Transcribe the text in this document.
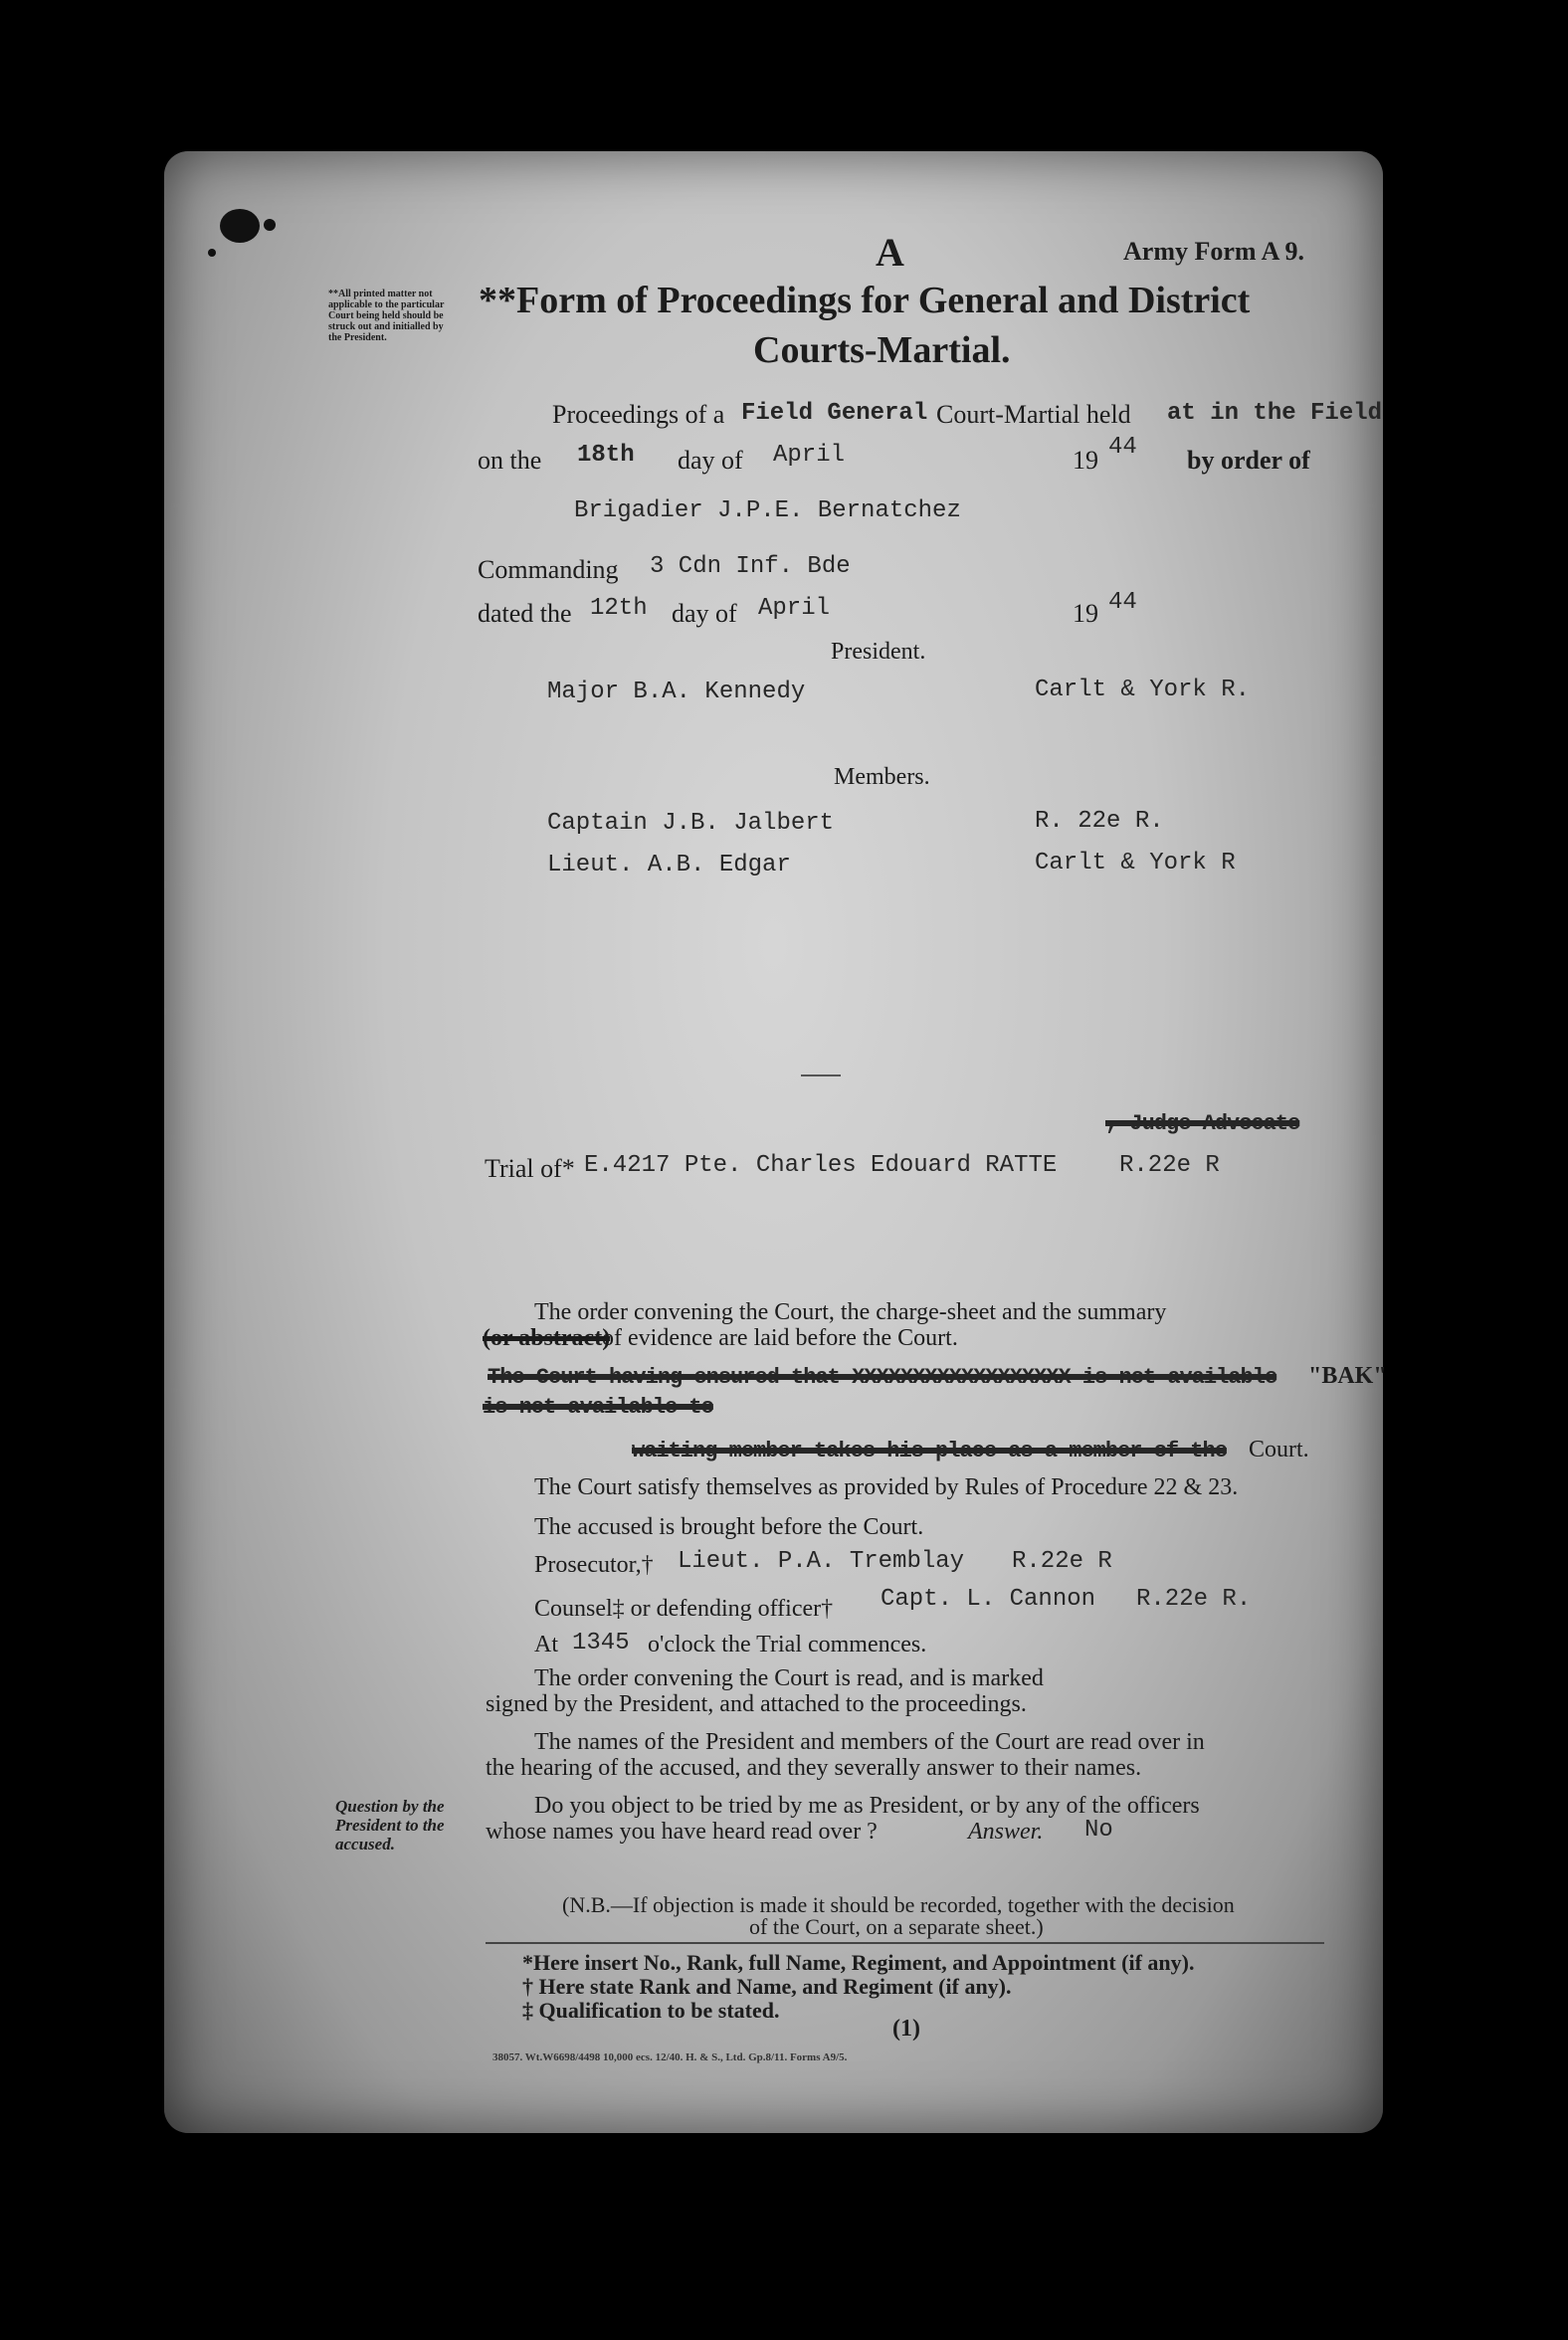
A	Army Form A 9.
**All printed matter not applicable to the particular Court being held should be struck out and initialled by the President.
**Form of Proceedings for General and District
Courts-Martial.
Proceedings of a Field General Court-Martial held at in the Field
on the 18th day of April	19 44 by order of
Brigadier J.P.E. Bernatchez
Commanding 3 Cdn Inf. Bde
dated the 12th day of April	19 44
President.
Major B.A. Kennedy	Carlt & York R.
Members.
Captain J.B. Jalbert	R. 22e R.
Lieut. A.B. Edgar	Carlt & York R
, Judge Advocate
Trial of* E.4217 Pte. Charles Edouard RATTE	R.22e R
The order convening the Court, the charge-sheet and the summary
(or abstract)
of evidence are laid before the Court.
The Court having ensured that XXXXXXXXXXXXXXXXXX is not available "BAK"
is not available to
waiting member takes his place as a member of the Court.
The Court satisfy themselves as provided by Rules of Procedure 22 & 23.
The accused is brought before the Court.
Prosecutor,† Lieut. P.A. Tremblay R.22e R
Counsel‡ or defending officer† Capt. L. Cannon R.22e R.
At 1345 o'clock the Trial commences.
The order convening the Court is read, and is marked
signed by the President, and attached to the proceedings.
The names of the President and members of the Court are read over in
the hearing of the accused, and they severally answer to their names.
Question by the President to the accused.
Do you object to be tried by me as President, or by any of the officers
whose names you have heard read over ?	Answer. No
(N.B.—If objection is made it should be recorded, together with the decision
of the Court, on a separate sheet.)
*Here insert No., Rank, full Name, Regiment, and Appointment (if any).
† Here state Rank and Name, and Regiment (if any).
‡ Qualification to be stated.
(1)
38057. Wt.W6698/4498 10,000 ecs. 12/40. H. & S., Ltd. Gp.8/11. Forms A9/5.
